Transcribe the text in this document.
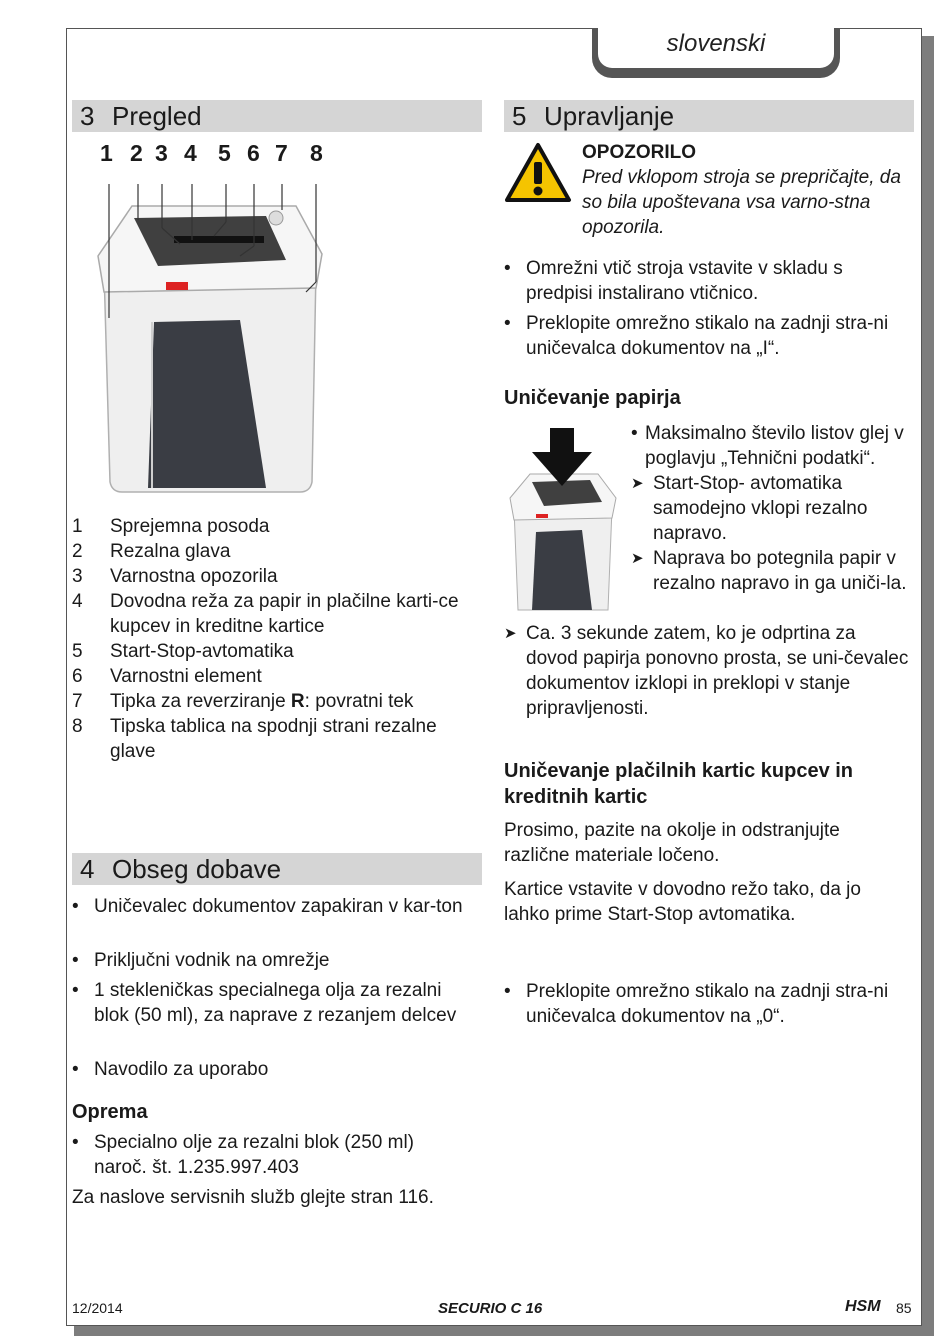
slovenski
3 Pregled
1 2 3 4 5 6 7 8
1	Sprejemna posoda
2	Rezalna glava
3	Varnostna opozorila
4	Dovodna reža za papir in plačilne karti-ce kupcev in kreditne kartice
5	Start-Stop-avtomatika
6	Varnostni element
7	Tipka za reverziranje R: povratni tek
8	Tipska tablica na spodnji strani rezalne glave
4 Obseg dobave
• Uničevalec dokumentov zapakiran v kar-ton
• Priključni vodnik na omrežje
• 1 stekleničkas specialnega olja za rezalni blok (50 ml), za naprave z rezanjem delcev
• Navodilo za uporabo
Oprema
• Specialno olje za rezalni blok (250 ml) naroč. št. 1.235.997.403
Za naslove servisnih služb glejte stran 116.
5 Upravljanje
OPOZORILO
Pred vklopom stroja se prepričajte, da so bila upoštevana vsa varno-stna opozorila.
• Omrežni vtič stroja vstavite v skladu s predpisi instalirano vtičnico.
• Preklopite omrežno stikalo na zadnji stra-ni uničevalca dokumentov na „I“.
Uničevanje papirja
• Maksimalno število listov glej v poglavju „Tehnični podatki“.
➤ Start-Stop- avtomatika samodejno vklopi rezalno napravo.
➤ Naprava bo potegnila papir v rezalno napravo in ga uniči-la.
➤ Ca. 3 sekunde zatem, ko je odprtina za dovod papirja ponovno prosta, se uni-čevalec dokumentov izklopi in preklopi v stanje pripravljenosti.
Uničevanje plačilnih kartic kupcev in kreditnih kartic
Prosimo, pazite na okolje in odstranjujte različne materiale ločeno.
Kartice vstavite v dovodno režo tako, da jo lahko prime Start-Stop avtomatika.
• Preklopite omrežno stikalo na zadnji stra-ni uničevalca dokumentov na „0“.
12/2014	SECURIO C 16	HSM 85
